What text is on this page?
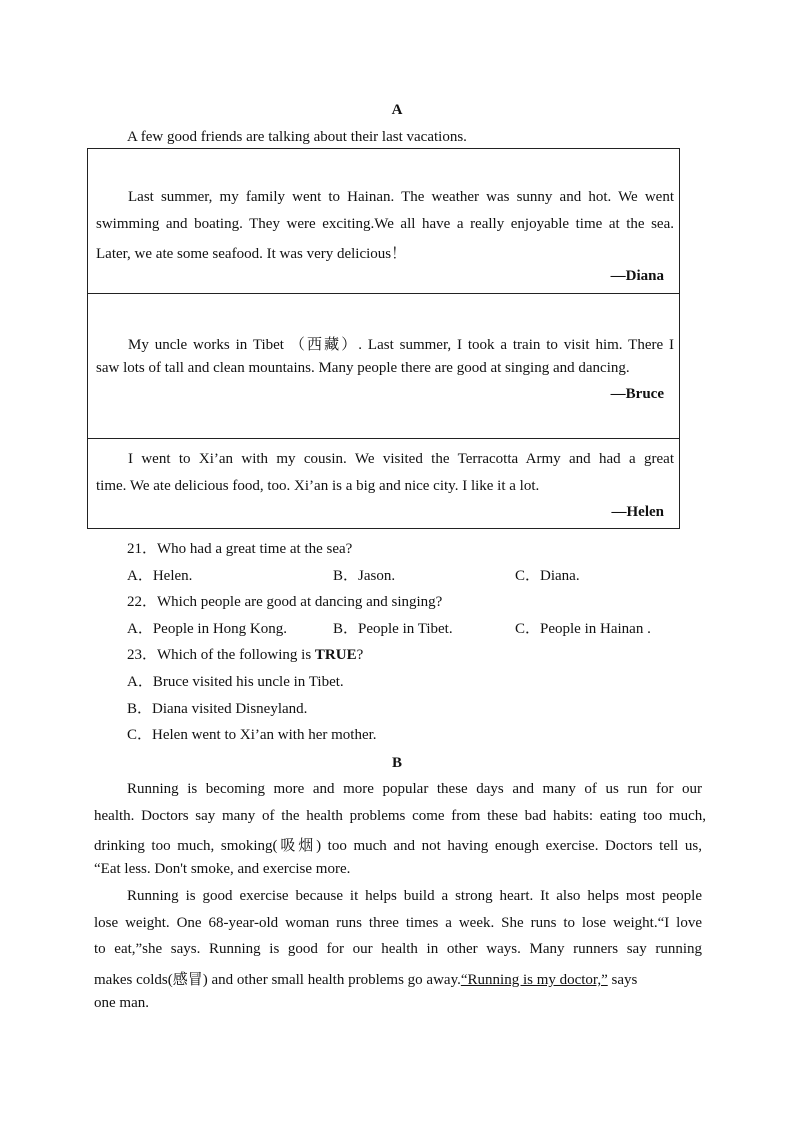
A
A few good friends are talking about their last vacations.
Last summer, my family went to Hainan. The weather was sunny and hot. We went
swimming and boating. They were exciting.We all have a really enjoyable time at the sea.
Later, we ate some seafood. It was very delicious！
—Diana
My uncle works in Tibet （西藏）. Last summer, I took a train to visit him. There I
saw lots of tall and clean mountains. Many people there are good at singing and dancing.
—Bruce
I went to Xi’an with my cousin. We visited the Terracotta Army and had a great
time. We ate delicious food, too. Xi’an is a big and nice city. I like it a lot.
—Helen
21．Who had a great time at the sea?
A．Helen.	B．Jason.	C．Diana.
22．Which people are good at dancing and singing?
A．People in Hong Kong.	B．People in Tibet.	C．People in Hainan .
23．Which of the following is TRUE?
A．Bruce visited his uncle in Tibet.
B．Diana visited Disneyland.
C．Helen went to Xi’an with her mother.
B
Running is becoming more and more popular these days and many of us run for our
health. Doctors say many of the health problems come from these bad habits: eating too much,
drinking too much, smoking(吸烟) too much and not having enough exercise. Doctors tell us,
“Eat less. Don't smoke, and exercise more.
Running is good exercise because it helps build a strong heart. It also helps most people
lose weight. One 68-year-old woman runs three times a week. She runs to lose weight.“I love
to eat,”she says. Running is good for our health in other ways. Many runners say running
makes colds(感冒) and other small health problems go away.“Running is my doctor,” says
one man.
